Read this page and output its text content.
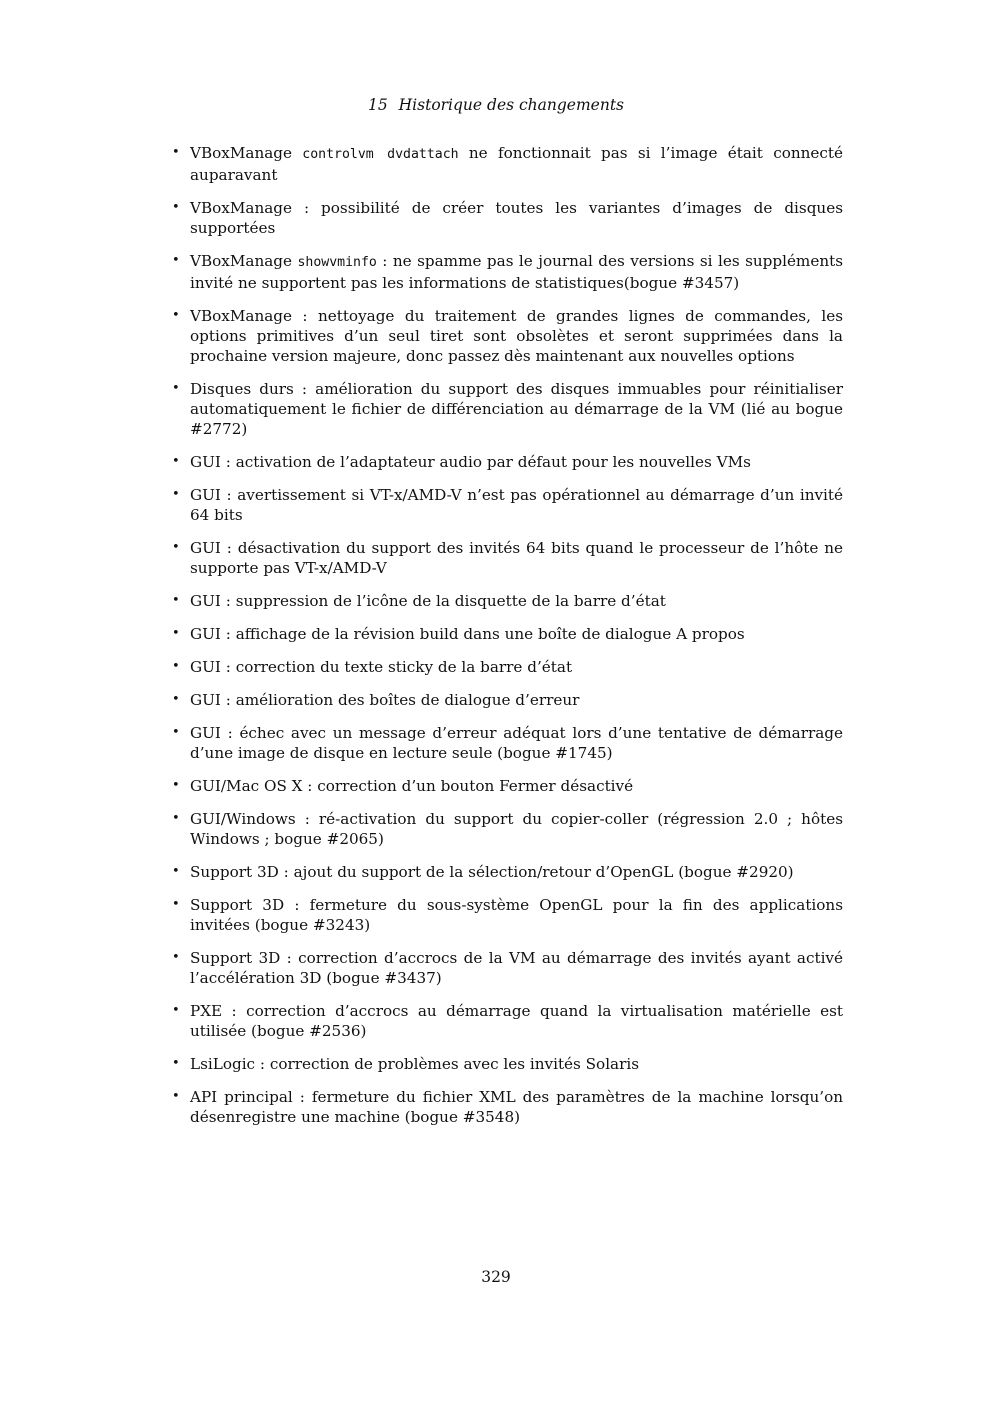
15 Historique des changements
• VBoxManage controlvm dvdattach ne fonctionnait pas si l’image était connecté auparavant
• VBoxManage : possibilité de créer toutes les variantes d’images de disques supportées
• VBoxManage showvminfo : ne spamme pas le journal des versions si les suppléments invité ne supportent pas les informations de statistiques(bogue #3457)
• VBoxManage : nettoyage du traitement de grandes lignes de commandes, les options primitives d’un seul tiret sont obsolètes et seront supprimées dans la prochaine version majeure, donc passez dès maintenant aux nouvelles options
• Disques durs : amélioration du support des disques immuables pour réinitialiser automatiquement le fichier de différenciation au démarrage de la VM (lié au bogue #2772)
• GUI : activation de l’adaptateur audio par défaut pour les nouvelles VMs
• GUI : avertissement si VT-x/AMD-V n’est pas opérationnel au démarrage d’un invité 64 bits
• GUI : désactivation du support des invités 64 bits quand le processeur de l’hôte ne supporte pas VT-x/AMD-V
• GUI : suppression de l’icône de la disquette de la barre d’état
• GUI : affichage de la révision build dans une boîte de dialogue A propos
• GUI : correction du texte sticky de la barre d’état
• GUI : amélioration des boîtes de dialogue d’erreur
• GUI : échec avec un message d’erreur adéquat lors d’une tentative de démarrage d’une image de disque en lecture seule (bogue #1745)
• GUI/Mac OS X : correction d’un bouton Fermer désactivé
• GUI/Windows : ré-activation du support du copier-coller (régression 2.0 ; hôtes Windows ; bogue #2065)
• Support 3D : ajout du support de la sélection/retour d’OpenGL (bogue #2920)
• Support 3D : fermeture du sous-système OpenGL pour la fin des applications invitées (bogue #3243)
• Support 3D : correction d’accrocs de la VM au démarrage des invités ayant activé l’accélération 3D (bogue #3437)
• PXE : correction d’accrocs au démarrage quand la virtualisation matérielle est utilisée (bogue #2536)
• LsiLogic : correction de problèmes avec les invités Solaris
• API principal : fermeture du fichier XML des paramètres de la machine lorsqu’on désenregistre une machine (bogue #3548)
329
